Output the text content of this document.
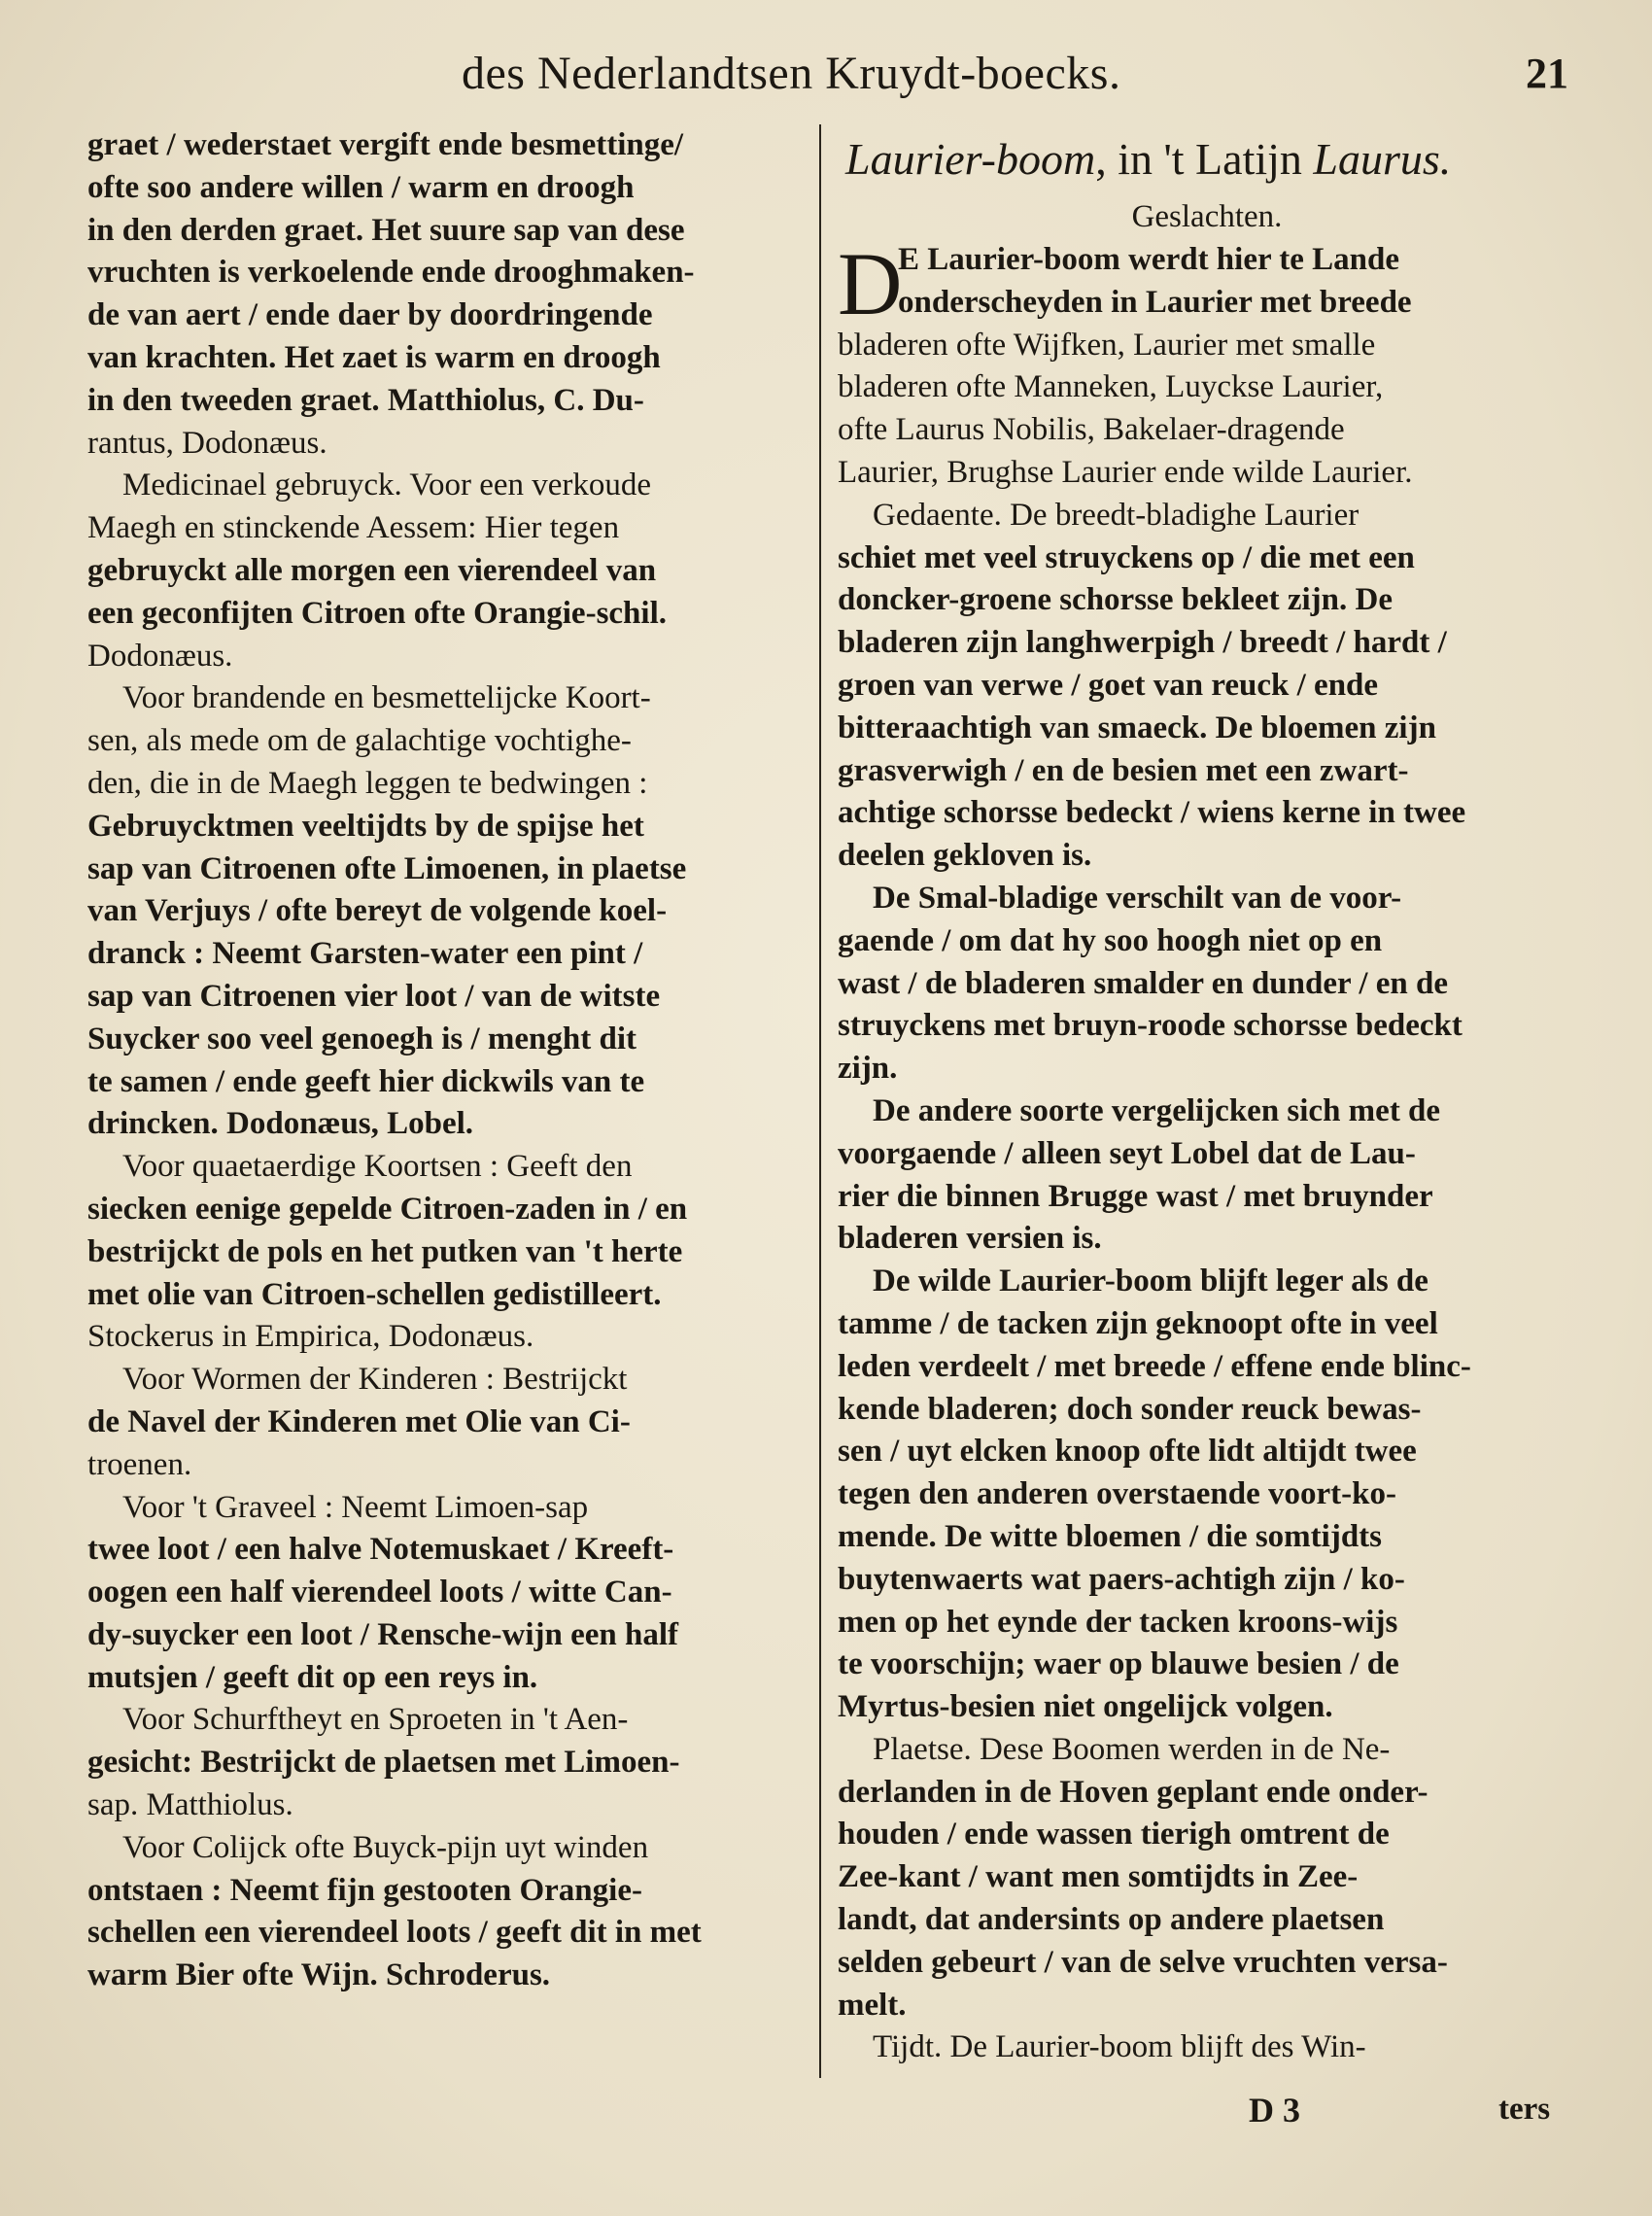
des Nederlandtsen Kruydt-boecks.	21
graet / wederstaet vergift ende besmettinge/
ofte soo andere willen / warm en droogh
in den derden graet. Het suure sap van dese
vruchten is verkoelende ende drooghmaken-
de van aert / ende daer by doordringende
van krachten. Het zaet is warm en droogh
in den tweeden graet. Matthiolus, C. Du-
rantus, Dodonæus.
Medicinael gebruyck. Voor een verkoude
Maegh en stinckende Aessem: Hier tegen
gebruyckt alle morgen een vierendeel van
een geconfijten Citroen ofte Orangie-schil.
Dodonæus.
Voor brandende en besmettelijcke Koort-
sen, als mede om de galachtige vochtighe-
den, die in de Maegh leggen te bedwingen :
Gebruycktmen veeltijdts by de spijse het
sap van Citroenen ofte Limoenen, in plaetse
van Verjuys / ofte bereyt de volgende koel-
dranck : Neemt Garsten-water een pint /
sap van Citroenen vier loot / van de witste
Suycker soo veel genoegh is / menght dit
te samen / ende geeft hier dickwils van te
drincken. Dodonæus, Lobel.
Voor quaetaerdige Koortsen : Geeft den
siecken eenige gepelde Citroen-zaden in / en
bestrijckt de pols en het putken van 't herte
met olie van Citroen-schellen gedistilleert.
Stockerus in Empirica, Dodonæus.
Voor Wormen der Kinderen : Bestrijckt
de Navel der Kinderen met Olie van Ci-
troenen.
Voor 't Graveel : Neemt Limoen-sap
twee loot / een halve Notemuskaet / Kreeft-
oogen een half vierendeel loots / witte Can-
dy-suycker een loot / Rensche-wijn een half
mutsjen / geeft dit op een reys in.
Voor Schurftheyt en Sproeten in 't Aen-
gesicht: Bestrijckt de plaetsen met Limoen-
sap. Matthiolus.
Voor Colijck ofte Buyck-pijn uyt winden
ontstaen : Neemt fijn gestooten Orangie-
schellen een vierendeel loots / geeft dit in met
warm Bier ofte Wijn. Schroderus.
Laurier-boom, in 't Latijn Laurus.
Geslachten.
D
E Laurier-boom werdt hier te Lande
onderscheyden in Laurier met breede
bladeren ofte Wijfken, Laurier met smalle
bladeren ofte Manneken, Luyckse Laurier,
ofte Laurus Nobilis, Bakelaer-dragende
Laurier, Brughse Laurier ende wilde Laurier.
Gedaente. De breedt-bladighe Laurier
schiet met veel struyckens op / die met een
doncker-groene schorsse bekleet zijn. De
bladeren zijn langhwerpigh / breedt / hardt /
groen van verwe / goet van reuck / ende
bitteraachtigh van smaeck. De bloemen zijn
grasverwigh / en de besien met een zwart-
achtige schorsse bedeckt / wiens kerne in twee
deelen gekloven is.
De Smal-bladige verschilt van de voor-
gaende / om dat hy soo hoogh niet op en
wast / de bladeren smalder en dunder / en de
struyckens met bruyn-roode schorsse bedeckt
zijn.
De andere soorte vergelijcken sich met de
voorgaende / alleen seyt Lobel dat de Lau-
rier die binnen Brugge wast / met bruynder
bladeren versien is.
De wilde Laurier-boom blijft leger als de
tamme / de tacken zijn geknoopt ofte in veel
leden verdeelt / met breede / effene ende blinc-
kende bladeren; doch sonder reuck bewas-
sen / uyt elcken knoop ofte lidt altijdt twee
tegen den anderen overstaende voort-ko-
mende. De witte bloemen / die somtijdts
buytenwaerts wat paers-achtigh zijn / ko-
men op het eynde der tacken kroons-wijs
te voorschijn; waer op blauwe besien / de
Myrtus-besien niet ongelijck volgen.
Plaetse. Dese Boomen werden in de Ne-
derlanden in de Hoven geplant ende onder-
houden / ende wassen tierigh omtrent de
Zee-kant / want men somtijdts in Zee-
landt, dat andersints op andere plaetsen
selden gebeurt / van de selve vruchten versa-
melt.
Tijdt. De Laurier-boom blijft des Win-
D 3	ters
